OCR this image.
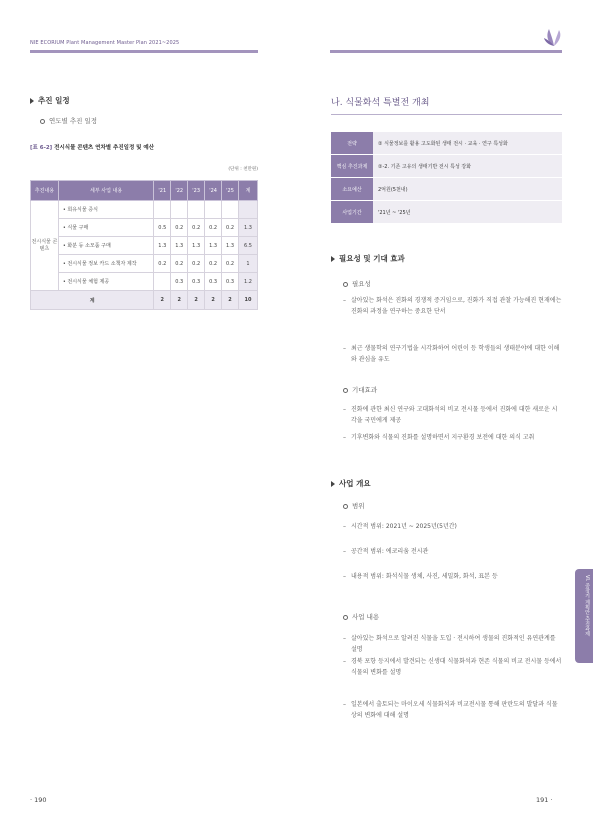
NIE ECORIUM Plant Management Master Plan 2021~2025
추진 일정
연도별 추진 일정
[표 6-2] 전시식물 콘텐츠 연차별 추진일정 및 예산
(단위 : 천만원)
추진내용	세부 사업 내용	'21	'22	'23	'24	'25	계
전시식물 콘텐츠	• 희유식물 증식						
	• 식물 구매	0.5	0.2	0.2	0.2	0.2	1.3
	• 화분 등 소모품 구매	1.3	1.3	1.3	1.3	1.3	6.5
	• 전시식물 정보 카드 소책자 제작	0.2	0.2	0.2	0.2	0.2	1
	• 전시식물 체험 제공		0.3	0.3	0.3	0.3	1.2
계		2	2	2	2	2	10
나. 식물화석 특별전 개최
전략	② 식물정보를 활용 고도화된 생태 전시 · 교육 · 연구 특성화
핵심 추진과제	②-2. 기존 고유의 생태기반 전시 특성 강화
소요예산	2억원(5천내)
사업기간	'21년 ~ '25년
필요성 및 기대 효과
필요성
– 살아있는 화석은 진화의 경쟁적 증거임으로, 진화가 직접 관찰 가능해진 현재에는 진화의 과정을 연구하는 중요한 단서
– 최근 생물학의 연구기법을 시각화하여 어린이 등 학생들의 생태분야에 대한 이해와 관심을 유도
기대효과
– 진화에 관한 최신 연구와 고대화석의 비교 전시물 등에서 진화에 대한 새로운 시각을 국민에게 제공
– 기후변화와 식물의 진화를 설명하면서 지구환경 보전에 대한 의식 고취
사업 개요
범위
– 시간적 범위: 2021년 ~ 2025년(5년간)
– 공간적 범위: 에코리움 전시관
– 내용적 범위: 화석식물 생체, 사진, 세밀화, 화석, 표본 등
사업 내용
– 살아있는 화석으로 알려진 식물을 도입 · 전시하여 생물의 진화적인 유연관계를 설명
– 경북 포항 등지에서 발견되는 신생대 식물화석과 현존 식물의 비교 전시물 등에서 식물의 변화를 설명
– 일본에서 출토되는 마이오세 식물화석과 비교전시물 통해 판란도의 발달과 식물상의 변화에 대해 설명
VI. 중장기 계획안 추진과제
· 190	191 ·
